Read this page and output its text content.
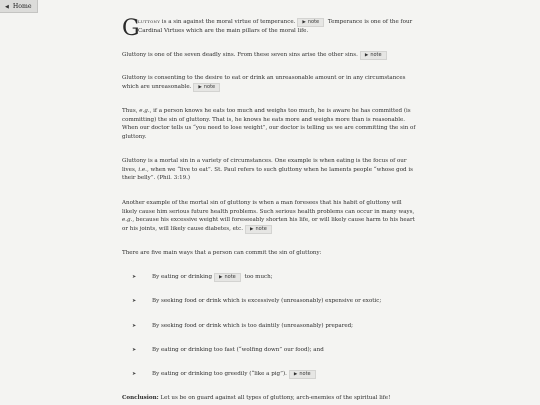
◀ Home
G
luttony is a sin against the moral virtue of temperance. ▶ note Temperance is one of the four Cardinal Virtues which are the main pillars of the moral life.
Gluttony is one of the seven deadly sins. From these seven sins arise the other sins. ▶ note
Gluttony is consenting to the desire to eat or drink an unreasonable amount or in any circumstances which are unreasonable. ▶ note
Thus, e.g., if a person knows he eats too much and weighs too much, he is aware he has committed (is committing) the sin of gluttony. That is, he knows he eats more and weighs more than is reasonable. When our doctor tells us “you need to lose weight”, our doctor is telling us we are committing the sin of gluttony.
Gluttony is a mortal sin in a variety of circumstances. One example is when eating is the focus of our lives, i.e., when we “live to eat”. St. Paul refers to such gluttony when he laments people “whose god is their belly”. (Phil. 3:19.)
Another example of the mortal sin of gluttony is when a man foresees that his habit of gluttony will likely cause him serious future health problems. Such serious health problems can occur in many ways, e.g., because his excessive weight will foreseeably shorten his life, or will likely cause harm to his heart or his joints, will likely cause diabetes, etc. ▶ note
There are five main ways that a person can commit the sin of gluttony:
➤	By eating or drinking ▶ note too much;
➤	By seeking food or drink which is excessively (unreasonably) expensive or exotic;
➤	By seeking food or drink which is too daintily (unreasonably) prepared;
➤	By eating or drinking too fast (“wolfing down” our food); and
➤	By eating or drinking too greedily (“like a pig”). ▶ note
Conclusion: Let us be on guard against all types of gluttony, arch-enemies of the spiritual life!
